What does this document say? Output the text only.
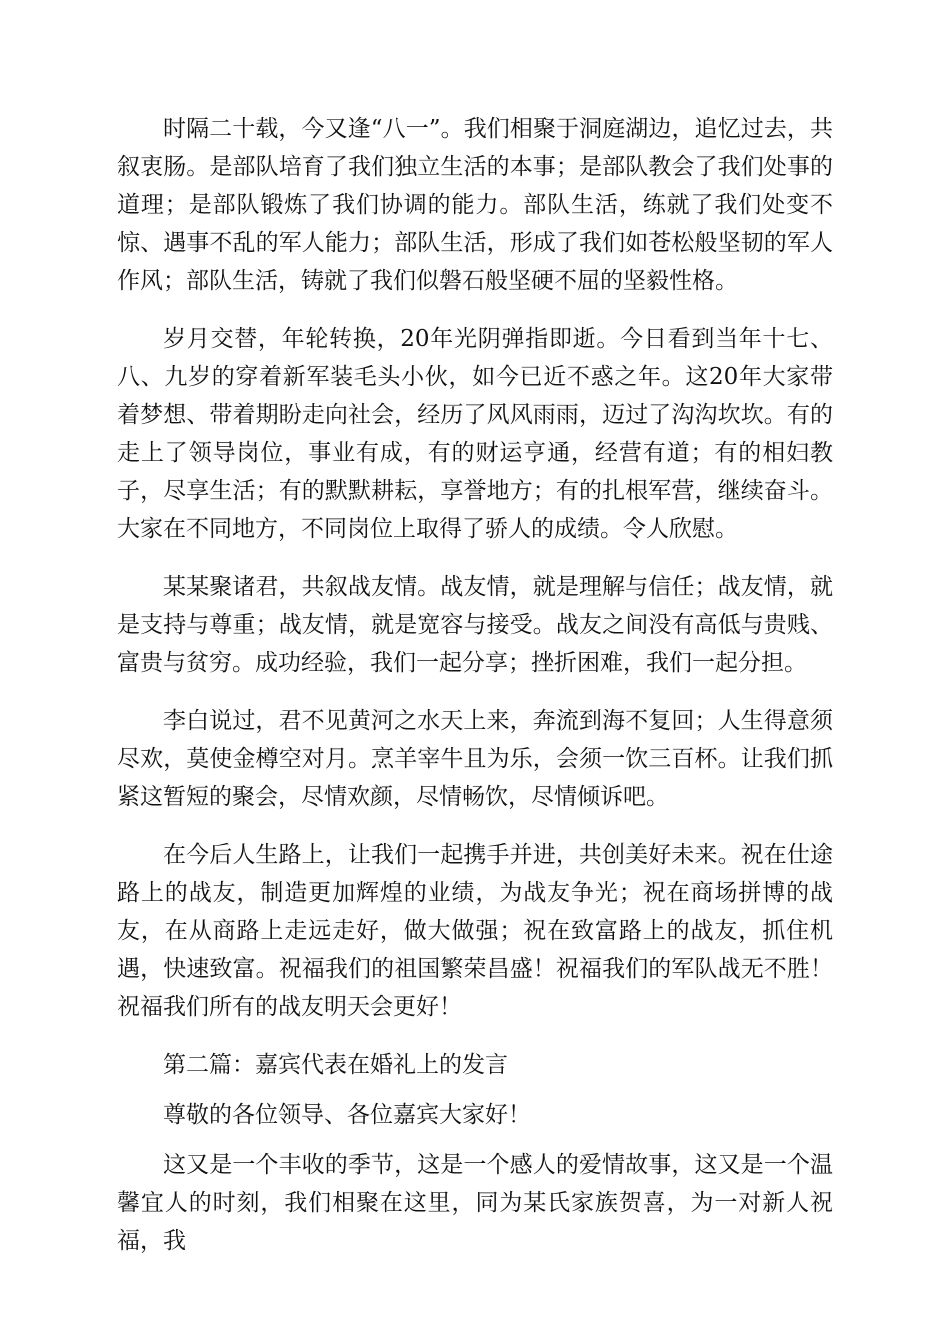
时隔二十载，今又逢“八一”。我们相聚于洞庭湖边，追忆过去，共叙衷肠。是部队培育了我们独立生活的本事；是部队教会了我们处事的道理；是部队锻炼了我们协调的能力。部队生活，练就了我们处变不惊、遇事不乱的军人能力；部队生活，形成了我们如苍松般坚韧的军人作风；部队生活，铸就了我们似磐石般坚硬不屈的坚毅性格。

岁月交替，年轮转换，20年光阴弹指即逝。今日看到当年十七、八、九岁的穿着新军装毛头小伙，如今已近不惑之年。这20年大家带着梦想、带着期盼走向社会，经历了风风雨雨，迈过了沟沟坎坎。有的走上了领导岗位，事业有成，有的财运亨通，经营有道；有的相妇教子，尽享生活；有的默默耕耘，享誉地方；有的扎根军营，继续奋斗。大家在不同地方，不同岗位上取得了骄人的成绩。令人欣慰。

某某聚诸君，共叙战友情。战友情，就是理解与信任；战友情，就是支持与尊重；战友情，就是宽容与接受。战友之间没有高低与贵贱、富贵与贫穷。成功经验，我们一起分享；挫折困难，我们一起分担。

李白说过，君不见黄河之水天上来，奔流到海不复回；人生得意须尽欢，莫使金樽空对月。烹羊宰牛且为乐，会须一饮三百杯。让我们抓紧这暂短的聚会，尽情欢颜，尽情畅饮，尽情倾诉吧。

在今后人生路上，让我们一起携手并进，共创美好未来。祝在仕途路上的战友，制造更加辉煌的业绩，为战友争光；祝在商场拼博的战友，在从商路上走远走好，做大做强；祝在致富路上的战友，抓住机遇，快速致富。祝福我们的祖国繁荣昌盛！祝福我们的军队战无不胜！祝福我们所有的战友明天会更好！

第二篇：嘉宾代表在婚礼上的发言

尊敬的各位领导、各位嘉宾大家好！

这又是一个丰收的季节，这是一个感人的爱情故事，这又是一个温馨宜人的时刻，我们相聚在这里，同为某氏家族贺喜，为一对新人祝福，我
